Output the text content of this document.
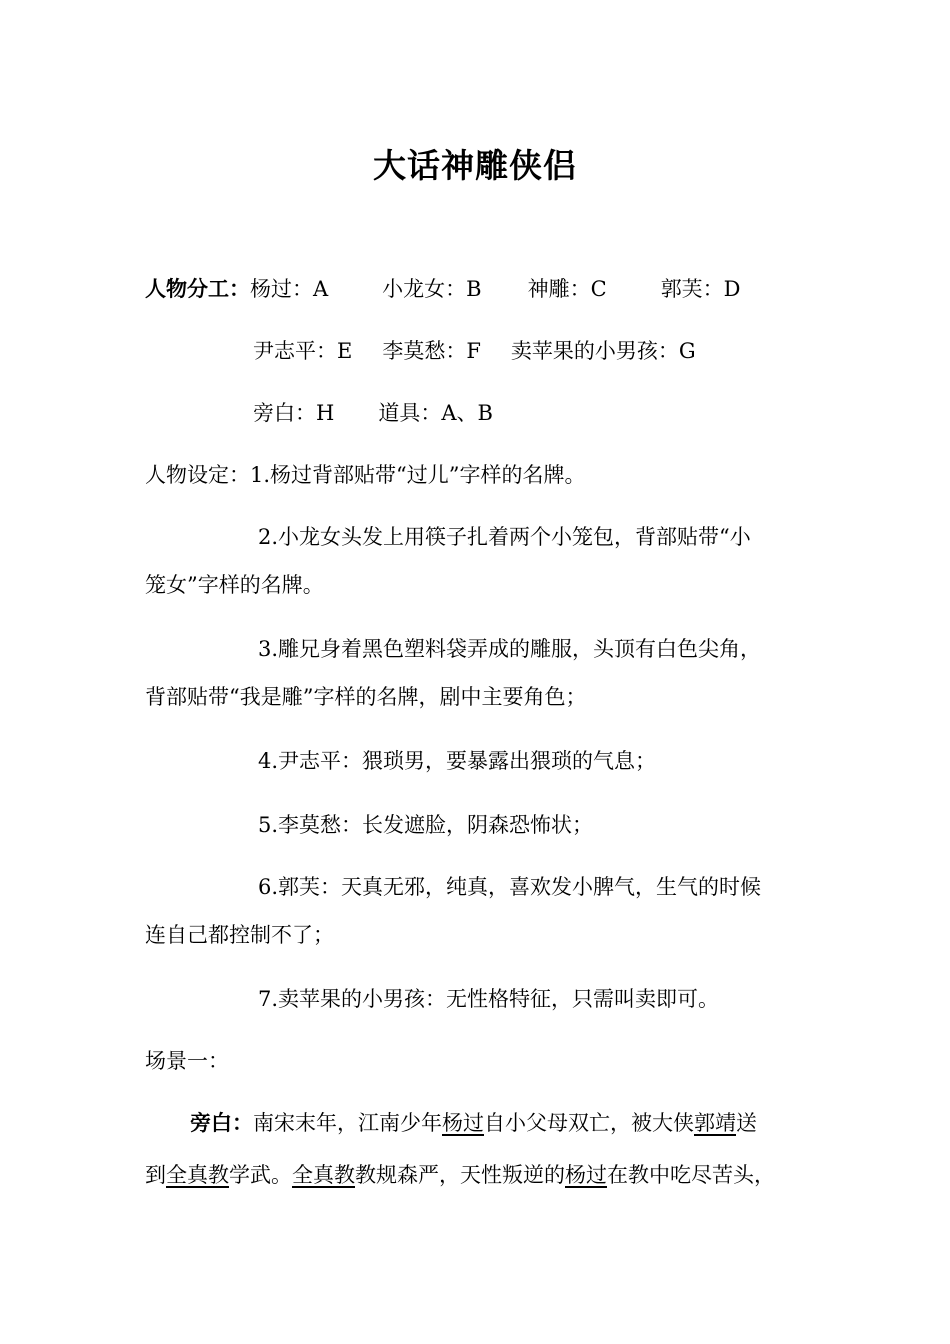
大话神雕侠侣
人物分工：杨过：A	小龙女：B 神雕：C	郭芙：D
尹志平：E 李莫愁：F 卖苹果的小男孩：G
旁白：H 道具：A、B
人物设定：1.杨过背部贴带“过儿”字样的名牌。
2.小龙女头发上用筷子扎着两个小笼包，背部贴带“小
笼女”字样的名牌。
3.雕兄身着黑色塑料袋弄成的雕服，头顶有白色尖角，
背部贴带“我是雕”字样的名牌，剧中主要角色；
4.尹志平：猥琐男，要暴露出猥琐的气息；
5.李莫愁：长发遮脸，阴森恐怖状；
6.郭芙：天真无邪，纯真，喜欢发小脾气，生气的时候
连自己都控制不了；
7.卖苹果的小男孩：无性格特征，只需叫卖即可。
场景一：
旁白：南宋末年，江南少年杨过自小父母双亡，被大侠郭靖送
到全真教学武。全真教教规森严，天性叛逆的杨过在教中吃尽苦头，
